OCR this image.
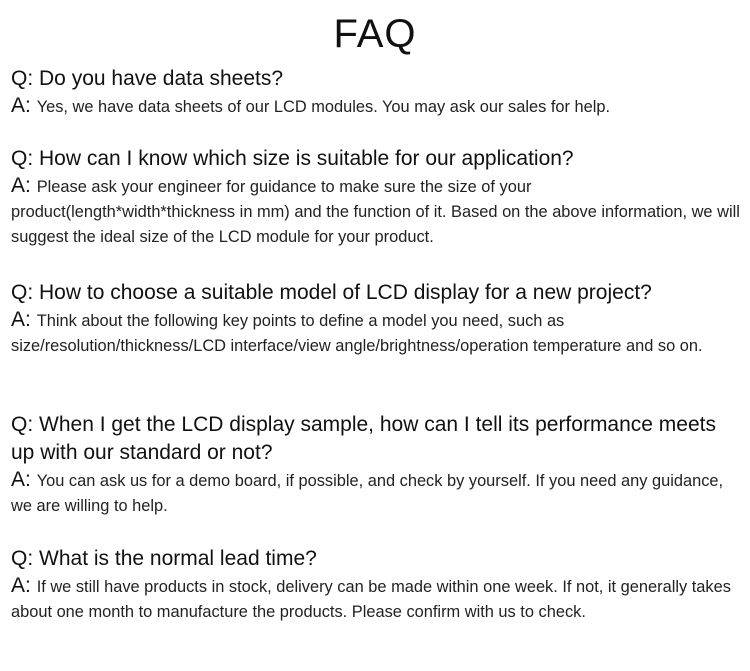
FAQ
Q: Do you have data sheets?
A: Yes, we have data sheets of our LCD modules. You may ask our sales for help.
Q: How can I know which size is suitable for our application?
A: Please ask your engineer for guidance to make sure the size of your product(length*width*thickness in mm) and the function of it. Based on the above information, we will suggest the ideal size of the LCD module for your product.
Q: How to choose a suitable model of LCD display for a new project?
A: Think about the following key points to define a model you need, such as size/resolution/thickness/LCD interface/view angle/brightness/operation temperature and so on.
Q: When I get the LCD display sample, how can I tell its performance meets up with our standard or not?
A: You can ask us for a demo board, if possible, and check by yourself. If you need any guidance, we are willing to help.
Q: What is the normal lead time?
A: If we still have products in stock, delivery can be made within one week. If not, it generally takes about one month to manufacture the products. Please confirm with us to check.
